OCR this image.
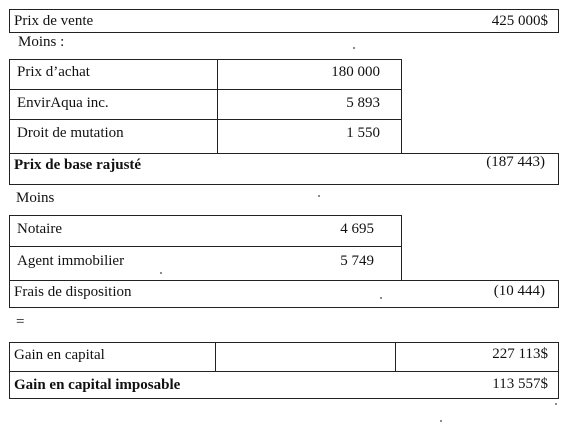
Prix de vente	425 000$
Moins :
Prix d’achat	180 000
EnvirAqua inc.	5 893
Droit de mutation	1 550
Prix de base rajusté	(187 443)
Moins
Notaire	4 695
Agent immobilier	5 749
Frais de disposition	(10 444)
=
Gain en capital	227 113$
Gain en capital imposable	113 557$
